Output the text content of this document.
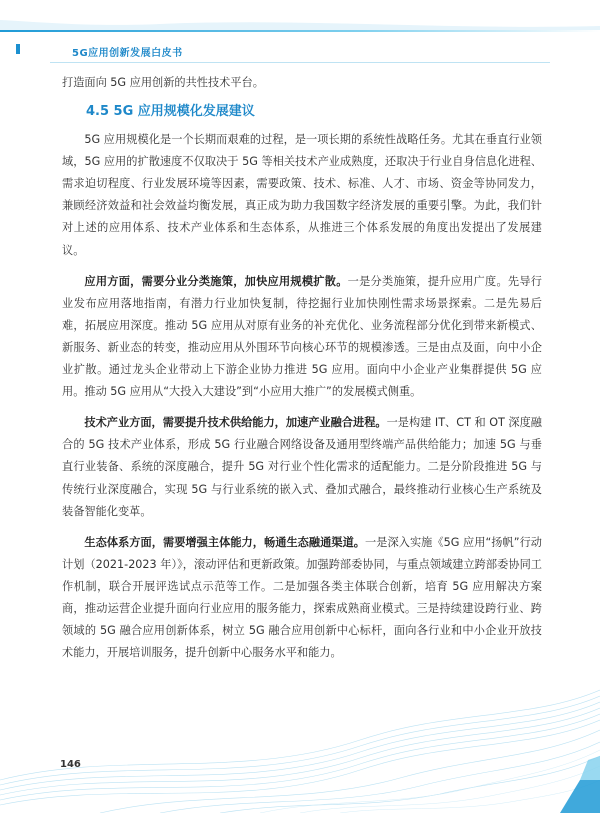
5G应用创新发展白皮书

打造面向 5G 应用创新的共性技术平台。

4.5 5G 应用规模化发展建议

5G 应用规模化是一个长期而艰难的过程，是一项长期的系统性战略任务。尤其在垂直行业领域，5G 应用的扩散速度不仅取决于 5G 等相关技术产业成熟度，还取决于行业自身信息化进程、需求迫切程度、行业发展环境等因素，需要政策、技术、标准、人才、市场、资金等协同发力，兼顾经济效益和社会效益均衡发展，真正成为助力我国数字经济发展的重要引擎。为此，我们针对上述的应用体系、技术产业体系和生态体系，从推进三个体系发展的角度出发提出了发展建议。

应用方面，需要分业分类施策，加快应用规模扩散。一是分类施策，提升应用广度。先导行业发布应用落地指南，有潜力行业加快复制，待挖掘行业加快刚性需求场景探索。二是先易后难，拓展应用深度。推动 5G 应用从对原有业务的补充优化、业务流程部分优化到带来新模式、新服务、新业态的转变，推动应用从外围环节向核心环节的规模渗透。三是由点及面，向中小企业扩散。通过龙头企业带动上下游企业协力推进 5G 应用。面向中小企业产业集群提供 5G 应用。推动 5G 应用从“大投入大建设”到“小应用大推广”的发展模式侧重。

技术产业方面，需要提升技术供给能力，加速产业融合进程。一是构建 IT、CT 和 OT 深度融合的 5G 技术产业体系，形成 5G 行业融合网络设备及通用型终端产品供给能力；加速 5G 与垂直行业装备、系统的深度融合，提升 5G 对行业个性化需求的适配能力。二是分阶段推进 5G 与传统行业深度融合，实现 5G 与行业系统的嵌入式、叠加式融合，最终推动行业核心生产系统及装备智能化变革。

生态体系方面，需要增强主体能力，畅通生态融通渠道。一是深入实施《5G 应用“扬帆”行动计划（2021-2023 年）》，滚动评估和更新政策。加强跨部委协同，与重点领域建立跨部委协同工作机制，联合开展评选试点示范等工作。二是加强各类主体联合创新，培育 5G 应用解决方案商，推动运营企业提升面向行业应用的服务能力，探索成熟商业模式。三是持续建设跨行业、跨领域的 5G 融合应用创新体系，树立 5G 融合应用创新中心标杆，面向各行业和中小企业开放技术能力，开展培训服务，提升创新中心服务水平和能力。

146
